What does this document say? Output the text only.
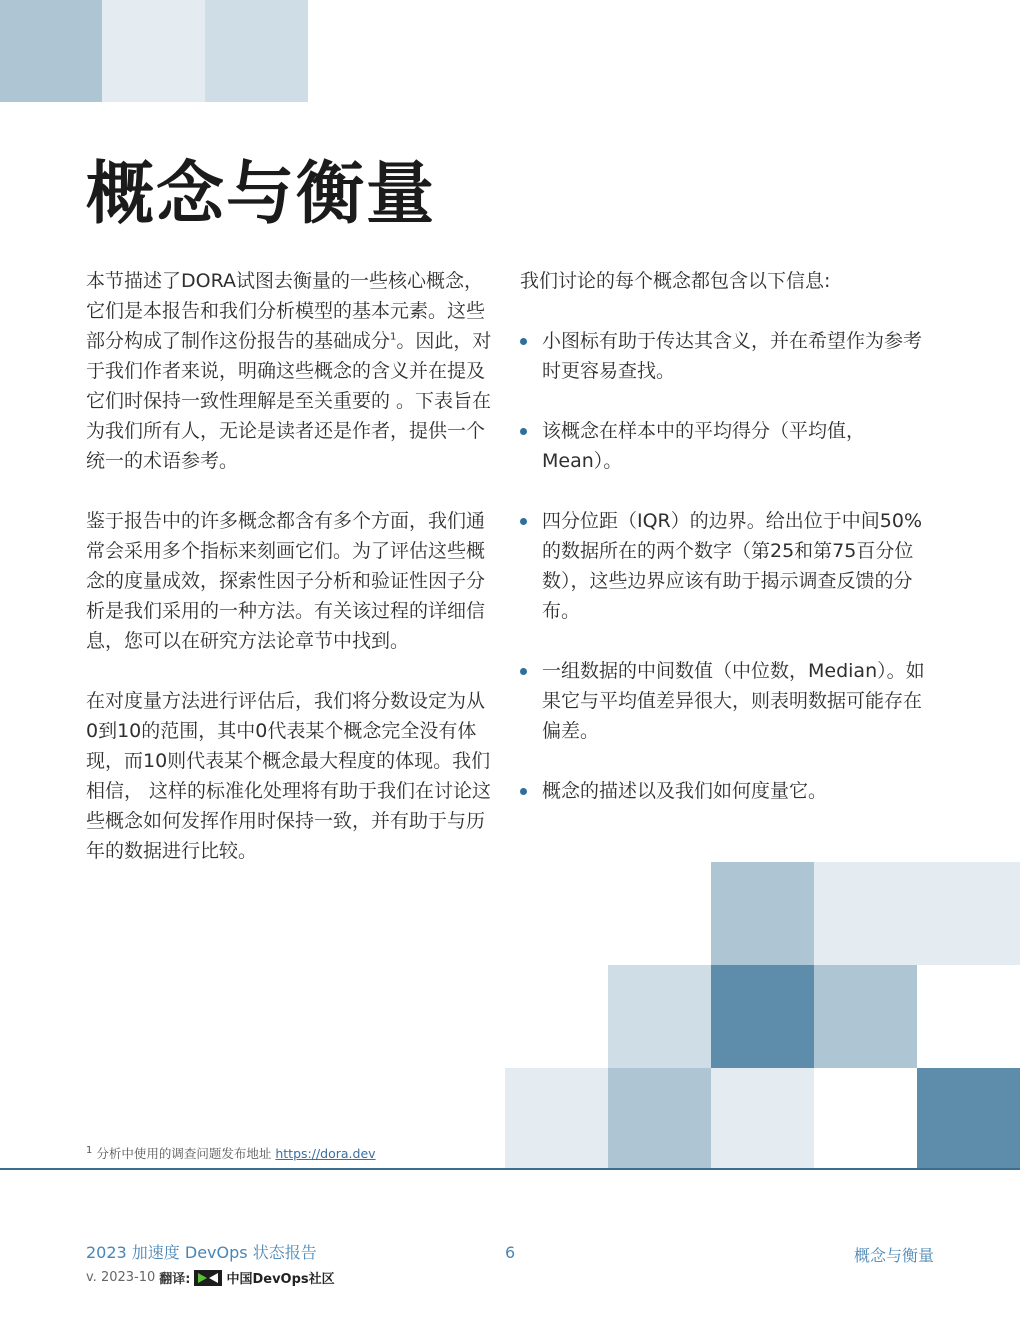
概念与衡量

本节描述了DORA试图去衡量的一些核心概念，它们是本报告和我们分析模型的基本元素。这些部分构成了制作这份报告的基础成分$^1$。因此，对于我们作者来说，明确这些概念的含义并在提及它们时保持一致性理解是至关重要的 。下表旨在为我们所有人，无论是读者还是作者，提供一个统一的术语参考。

鉴于报告中的许多概念都含有多个方面，我们通常会采用多个指标来刻画它们。为了评估这些概念的度量成效，探索性因子分析和验证性因子分析是我们采用的一种方法。有关该过程的详细信息，您可以在研究方法论章节中找到。

在对度量方法进行评估后，我们将分数设定为从0到10的范围，其中0代表某个概念完全没有体现，而10则代表某个概念最大程度的体现。我们相信， 这样的标准化处理将有助于我们在讨论这些概念如何发挥作用时保持一致，并有助于与历年的数据进行比较。

我们讨论的每个概念都包含以下信息:

小图标有助于传达其含义，并在希望作为参考时更容易查找。
该概念在样本中的平均得分（平均值，Mean）。
四分位距（IQR）的边界。给出位于中间50%的数据所在的两个数字（第25和第75百分位数），这些边界应该有助于揭示调查反馈的分布。
一组数据的中间数值（中位数，Median）。如果它与平均值差异很大，则表明数据可能存在偏差。
概念的描述以及我们如何度量它。
$^1$ 分析中使用的调查问题发布地址 https://dora.dev
2023 加速度 DevOps 状态报告	6	概念与衡量
v. 2023-10 翻译:	中国DevOps社区
